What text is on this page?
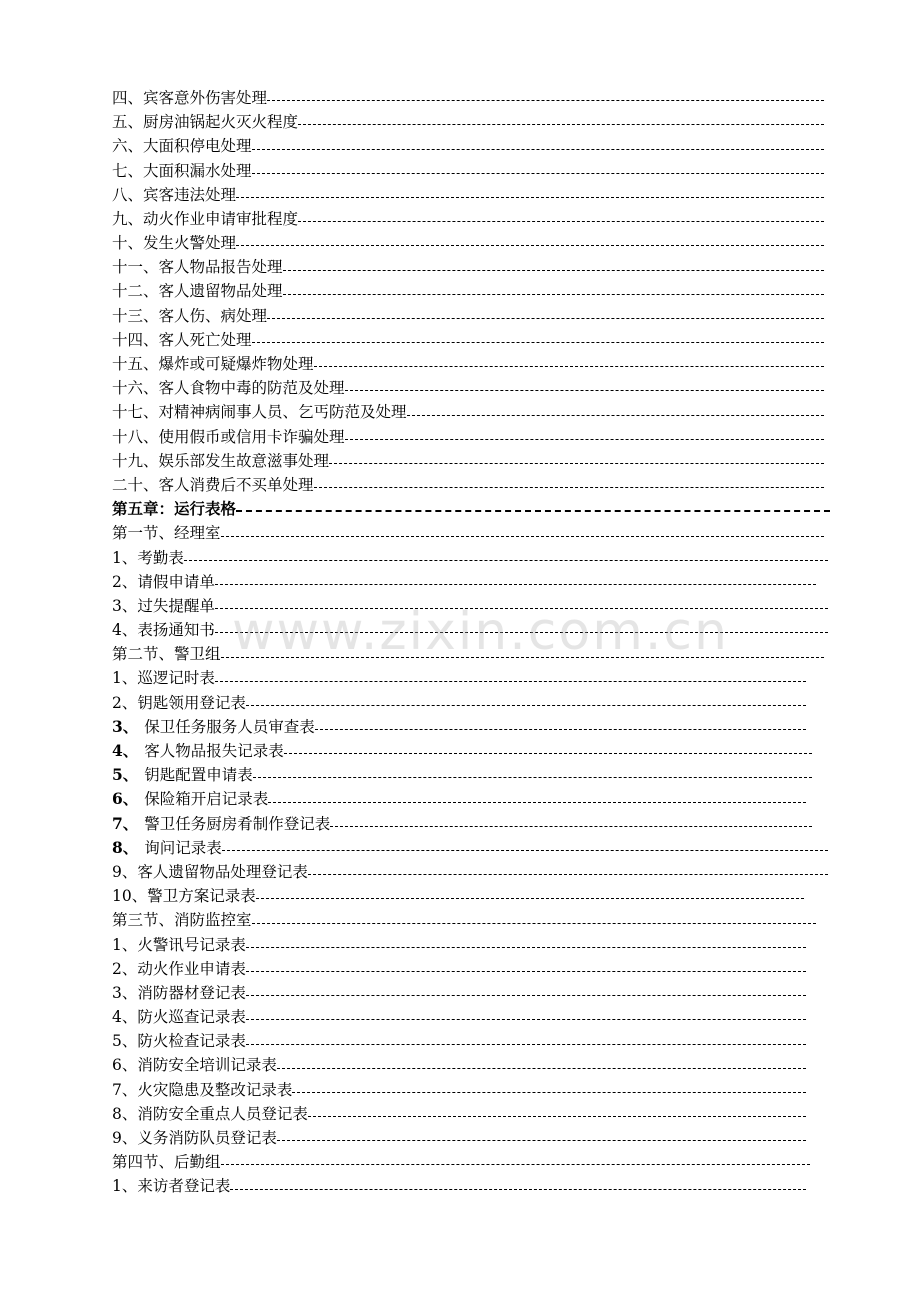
四、宾客意外伤害处理
五、厨房油锅起火灭火程度
六、大面积停电处理
七、大面积漏水处理
八、宾客违法处理
九、动火作业申请审批程度
十、发生火警处理
十一、客人物品报告处理
十二、客人遗留物品处理
十三、客人伤、病处理
十四、客人死亡处理
十五、爆炸或可疑爆炸物处理
十六、客人食物中毒的防范及处理
十七、对精神病闹事人员、乞丐防范及处理
十八、使用假币或信用卡诈骗处理
十九、娱乐部发生故意滋事处理
二十、客人消费后不买单处理
第五章：运行表格
第一节、经理室
1、考勤表
2、请假申请单
3、过失提醒单
4、表扬通知书
第二节、警卫组
1、巡逻记时表
2、钥匙领用登记表
3、 保卫任务服务人员审查表
4、 客人物品报失记录表
5、 钥匙配置申请表
6、 保险箱开启记录表
7、 警卫任务厨房肴制作登记表
8、 询问记录表
9、客人遗留物品处理登记表
10、警卫方案记录表
第三节、消防监控室
1、火警讯号记录表
2、动火作业申请表
3、消防器材登记表
4、防火巡查记录表
5、防火检查记录表
6、消防安全培训记录表
7、火灾隐患及整改记录表
8、消防安全重点人员登记表
9、义务消防队员登记表
第四节、后勤组
1、来访者登记表
www.zixin.com.cn
